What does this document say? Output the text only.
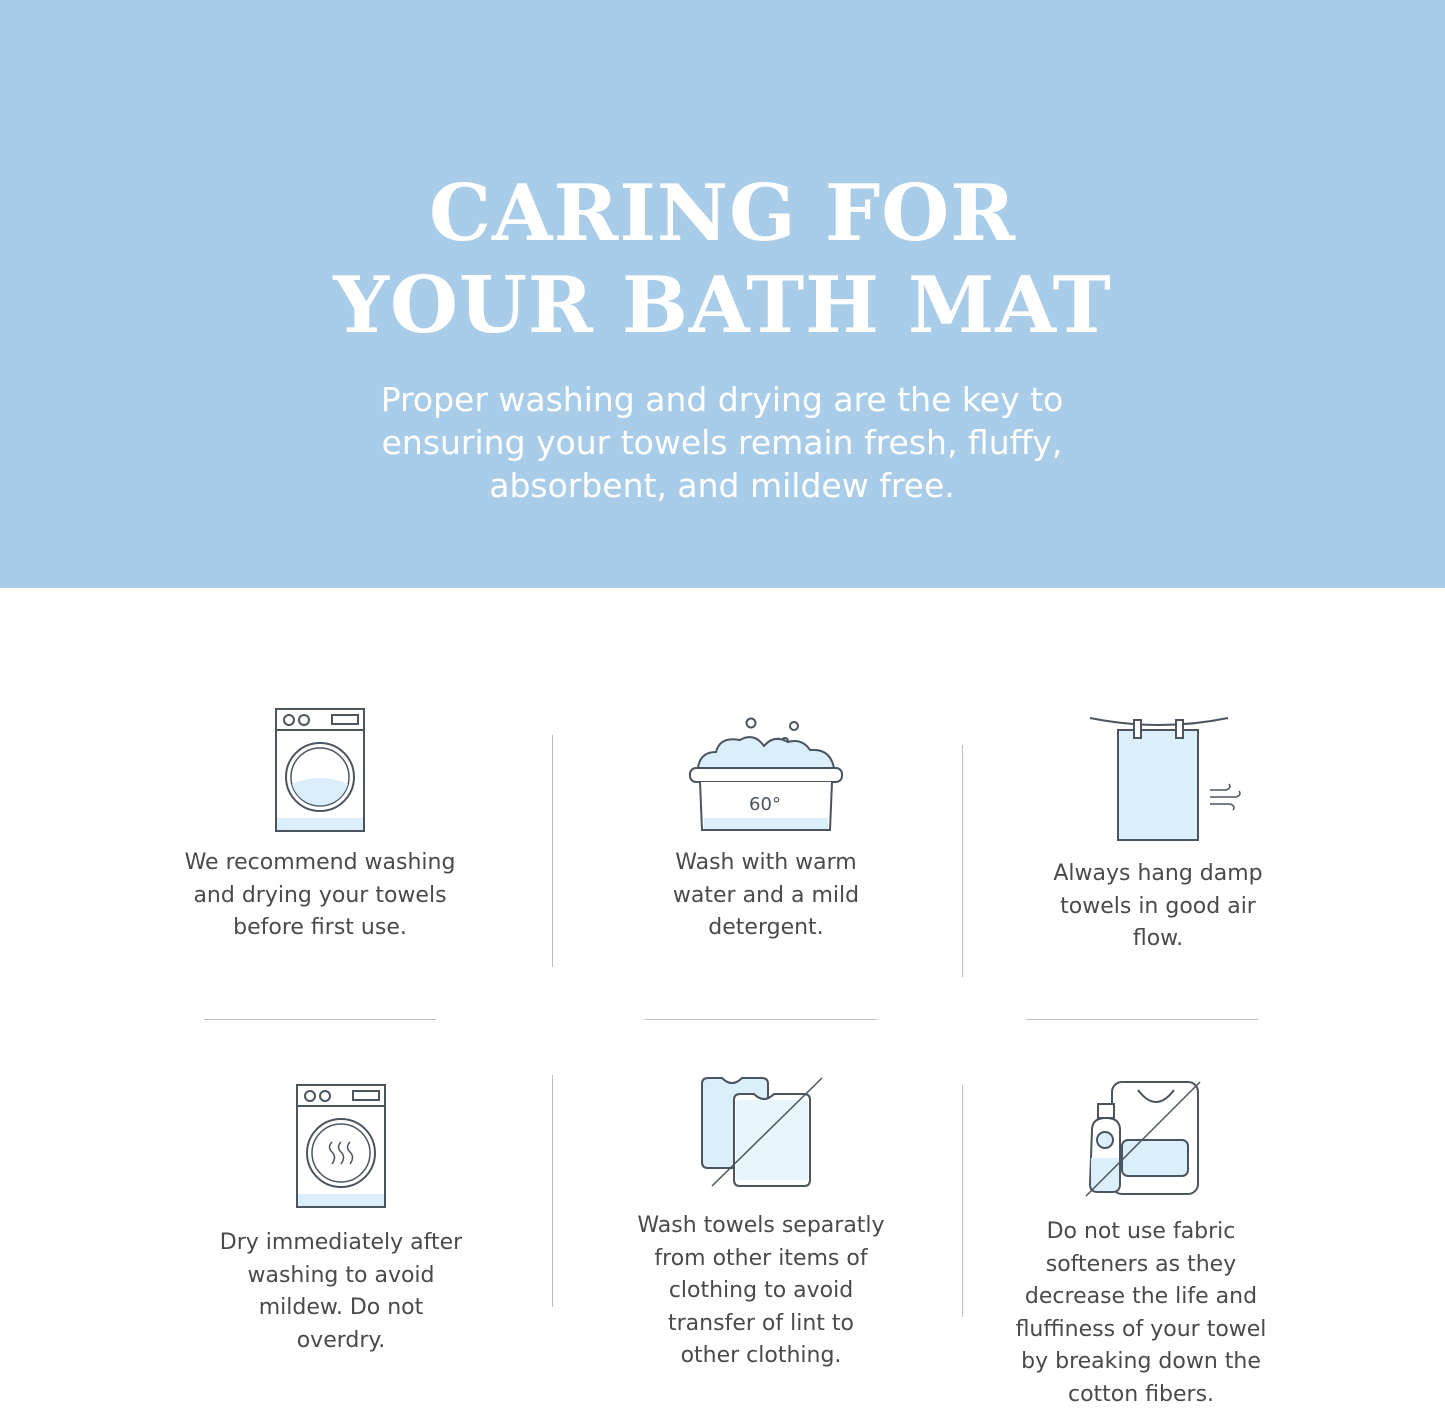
CARING FOR
YOUR BATH MAT

Proper washing and drying are the key to
ensuring your towels remain fresh, fluffy,
absorbent, and mildew free.

We recommend washing
and drying your towels
before first use.

60°

Wash with warm
water and a mild
detergent.

Always hang damp
towels in good air
flow.

Dry immediately after
washing to avoid
mildew. Do not
overdry.

Wash towels separatly
from other items of
clothing to avoid
transfer of lint to
other clothing.

Do not use fabric
softeners as they
decrease the life and
fluffiness of your towel
by breaking down the
cotton fibers.
